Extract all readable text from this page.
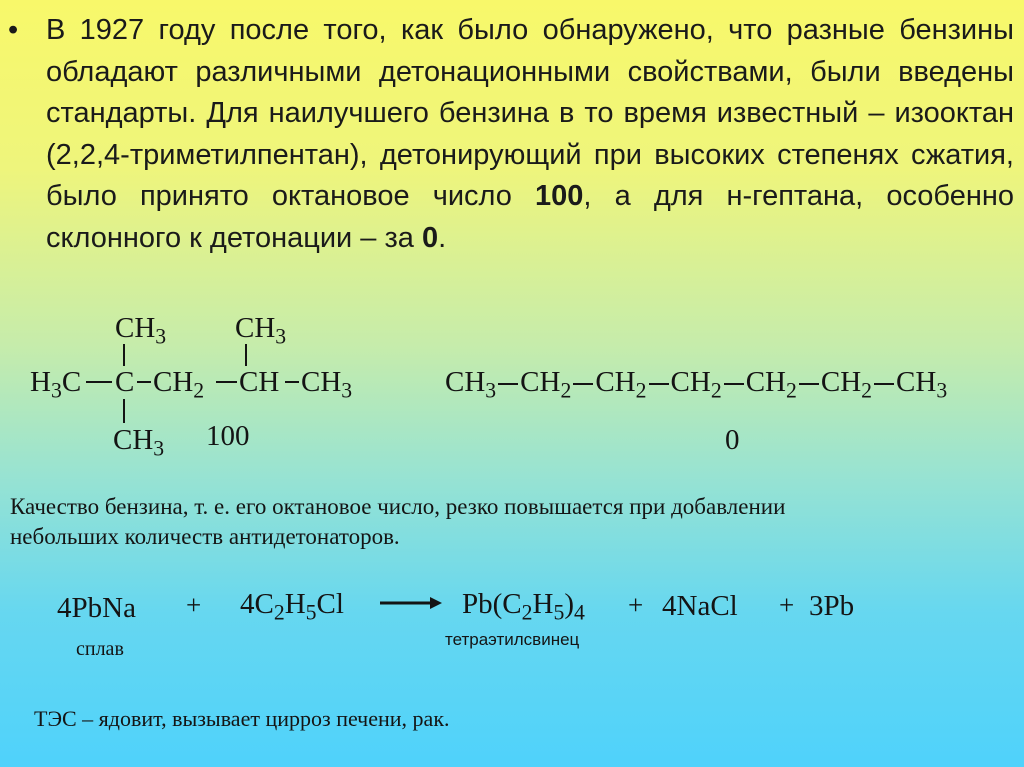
• В 1927 году после того, как было обнаружено, что разные бензины обладают различными детонационными свойствами, были введены стандарты. Для наилучшего бензина в то время известный – изооктан (2,2,4-триметилпентан), детонирующий при высоких степенях сжатия, было принято октановое число 100, а для н-гептана, особенно склонного к детонации – за 0.
$CH_3$ $CH_3$
$H_3C$ C $CH_2$ CH $CH_3$
$CH_3$ 100
$CH_3$ $CH_2$ $CH_2$ $CH_2$ $CH_2$ $CH_2$ $CH_3$
0
Качество бензина, т. е. его октановое число, резко повышается при добавлении
небольших количеств антидетонаторов.
4PbNa + $4C_2H_5Cl \to Pb(C_2H_5)_4$ + 4NaCl + 3Pb
сплав	тетраэтилсвинец
ТЭС – ядовит, вызывает цирроз печени, рак.
